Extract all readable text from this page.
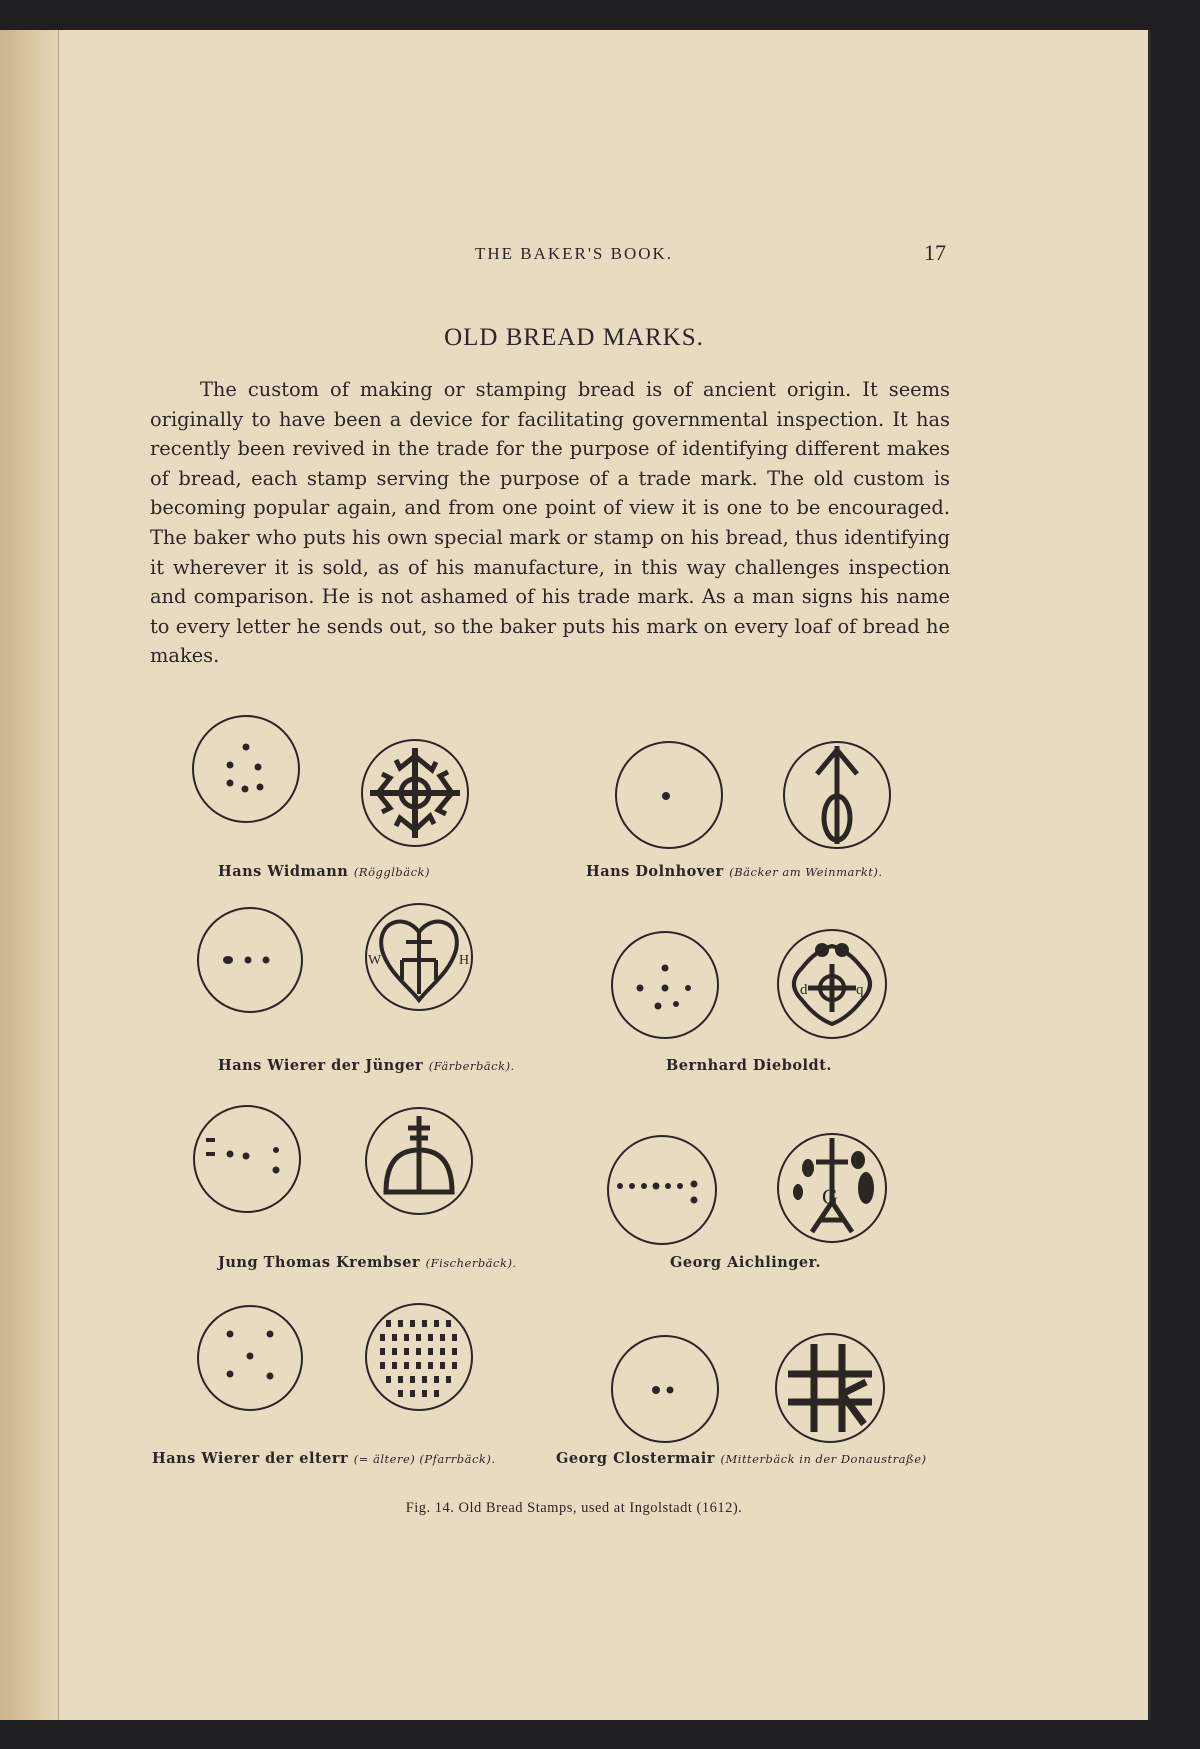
THE BAKER'S BOOK.	17
OLD BREAD MARKS.

The custom of making or stamping bread is of ancient origin. It seems originally to have been a device for facilitating governmental inspection. It has recently been revived in the trade for the purpose of identifying different makes of bread, each stamp serving the purpose of a trade mark. The old custom is becoming popular again, and from one point of view it is one to be encouraged. The baker who puts his own special mark or stamp on his bread, thus identifying it wherever it is sold, as of his manufacture, in this way challenges inspection and comparison. He is not ashamed of his trade mark. As a man signs his name to every letter he sends out, so the baker puts his mark on every loaf of bread he makes.

Hans Widmann (Rögglbäck)	Hans Dolnhover (Bäcker am Weinmarkt).
W	H
d	q
Hans Wierer der Jünger (Färberbäck).	Bernhard Dieboldt.
G
Jung Thomas Krembser (Fischerbäck).	Georg Aichlinger.
Hans Wierer der elterr (= ältere) (Pfarrbäck).	Georg Clostermair (Mitterbäck in der Donaustraße)
Fig. 14. Old Bread Stamps, used at Ingolstadt (1612).
